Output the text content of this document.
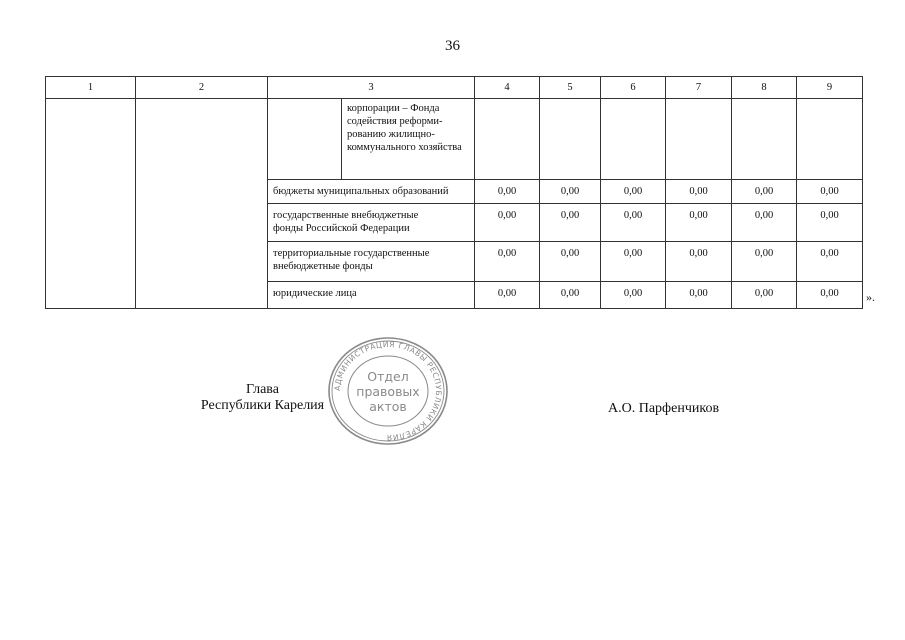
36
1	2	3		4	5	6	7	8	9
			корпорации – Фонда содействия реформи-рованию жилищно-коммунального хозяйства						
		бюджеты муниципальных образований		0,00	0,00	0,00	0,00	0,00	0,00
		государственные внебюджетные фонды Российской Федерации		0,00	0,00	0,00	0,00	0,00	0,00
		территориальные государственные внебюджетные фонды		0,00	0,00	0,00	0,00	0,00	0,00
		юридические лица		0,00	0,00	0,00	0,00	0,00	0,00 ».
Глава
Республики Карелия
АДМИНИСТРАЦИЯ ГЛАВЫ РЕСПУБЛИКИ КАРЕЛИЯ
Отдел
правовых
актов	А.О. Парфенчиков
